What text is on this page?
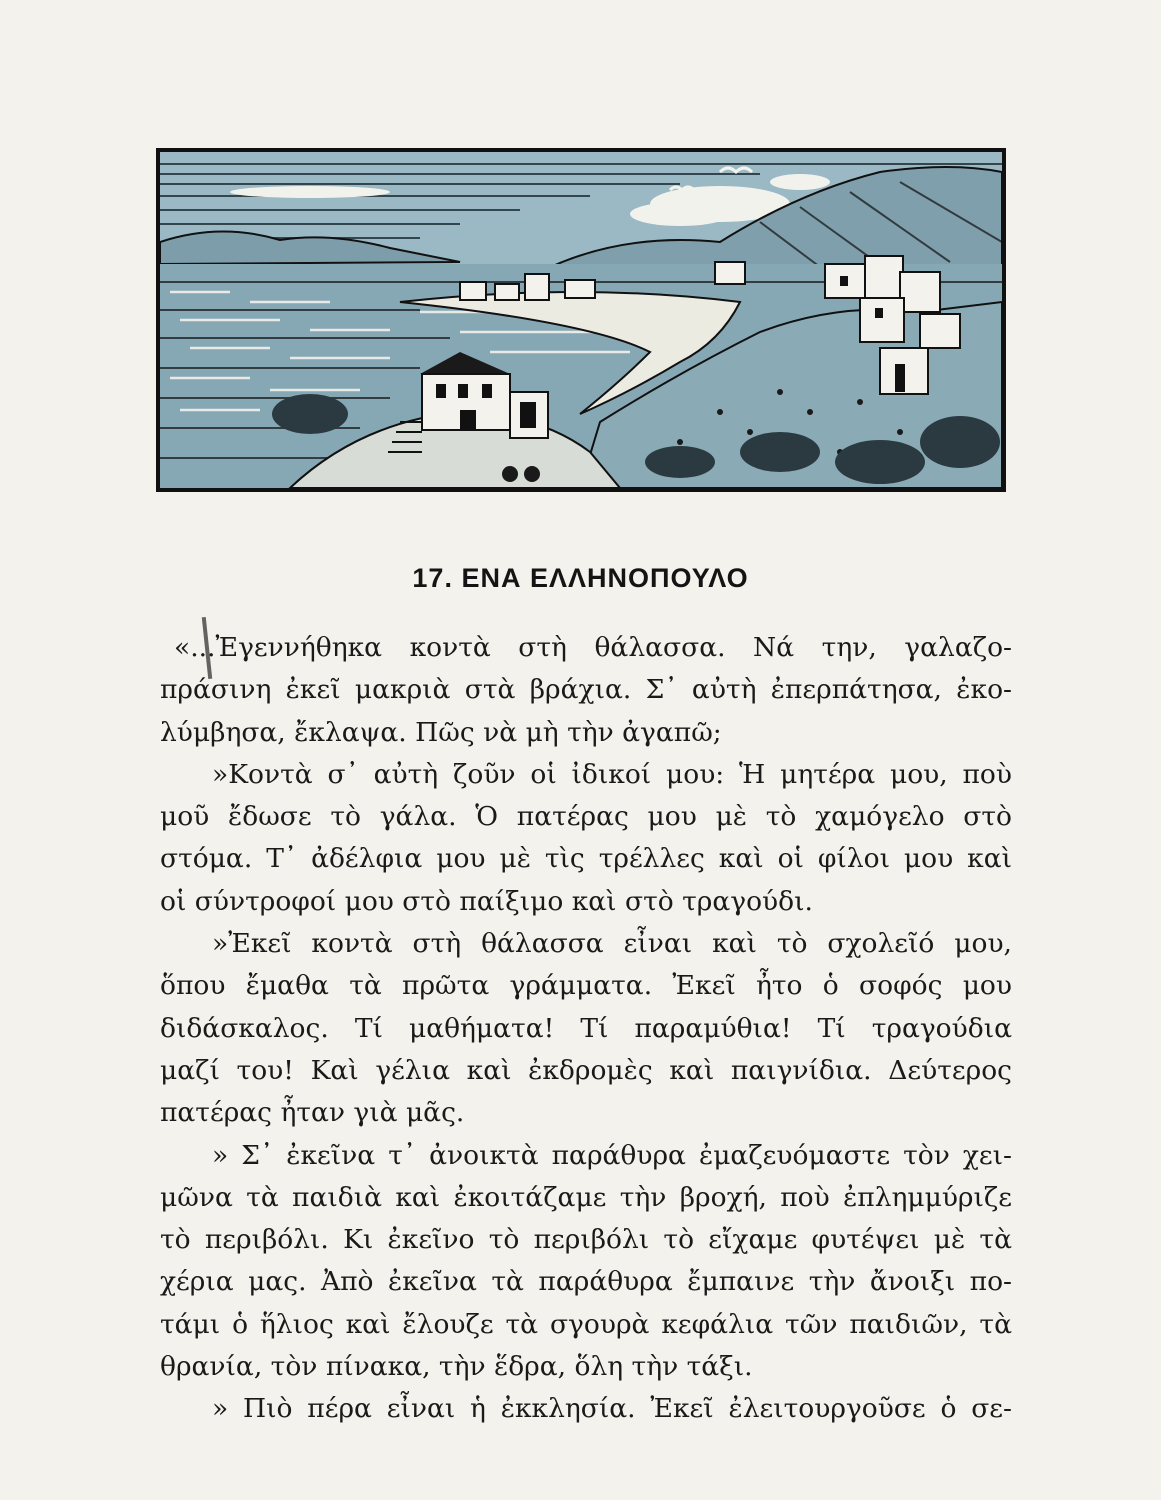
17. ΕΝΑ ΕΛΛΗΝΟΠΟΥΛΟ
«...Ἐγεννήθηκα κοντὰ στὴ θάλασσα. Νά την, γαλαζο-
πράσινη ἐκεῖ μακριὰ στὰ βράχια. Σ᾿ αὐτὴ ἐπερπάτησα, ἐκο-
λύμβησα, ἔκλαψα. Πῶς νὰ μὴ τὴν ἀγαπῶ;
»Κοντὰ σ᾿ αὐτὴ ζοῦν οἱ ἰδικοί μου: Ἡ μητέρα μου, ποὺ
μοῦ ἔδωσε τὸ γάλα. Ὁ πατέρας μου μὲ τὸ χαμόγελο στὸ
στόμα. Τ᾿ ἀδέλφια μου μὲ τὶς τρέλλες καὶ οἱ φίλοι μου καὶ
οἱ σύντροφοί μου στὸ παίξιμο καὶ στὸ τραγούδι.
»Ἐκεῖ κοντὰ στὴ θάλασσα εἶναι καὶ τὸ σχολεῖό μου,
ὅπου ἔμαθα τὰ πρῶτα γράμματα. Ἐκεῖ ἦτο ὁ σοφός μου
διδάσκαλος. Τί μαθήματα! Τί παραμύθια! Τί τραγούδια
μαζί του! Καὶ γέλια καὶ ἐκδρομὲς καὶ παιγνίδια. Δεύτερος
πατέρας ἦταν γιὰ μᾶς.
» Σ᾿ ἐκεῖνα τ᾿ ἀνοικτὰ παράθυρα ἐμαζευόμαστε τὸν χει-
μῶνα τὰ παιδιὰ καὶ ἐκοιτάζαμε τὴν βροχή, ποὺ ἐπλημμύριζε
τὸ περιβόλι. Κι ἐκεῖνο τὸ περιβόλι τὸ εἴχαμε φυτέψει μὲ τὰ
χέρια μας. Ἀπὸ ἐκεῖνα τὰ παράθυρα ἔμπαινε τὴν ἄνοιξι πο-
τάμι ὁ ἥλιος καὶ ἔλουζε τὰ σγουρὰ κεφάλια τῶν παιδιῶν, τὰ
θρανία, τὸν πίνακα, τὴν ἕδρα, ὅλη τὴν τάξι.
» Πιὸ πέρα εἶναι ἡ ἐκκλησία. Ἐκεῖ ἐλειτουργοῦσε ὁ σε-
